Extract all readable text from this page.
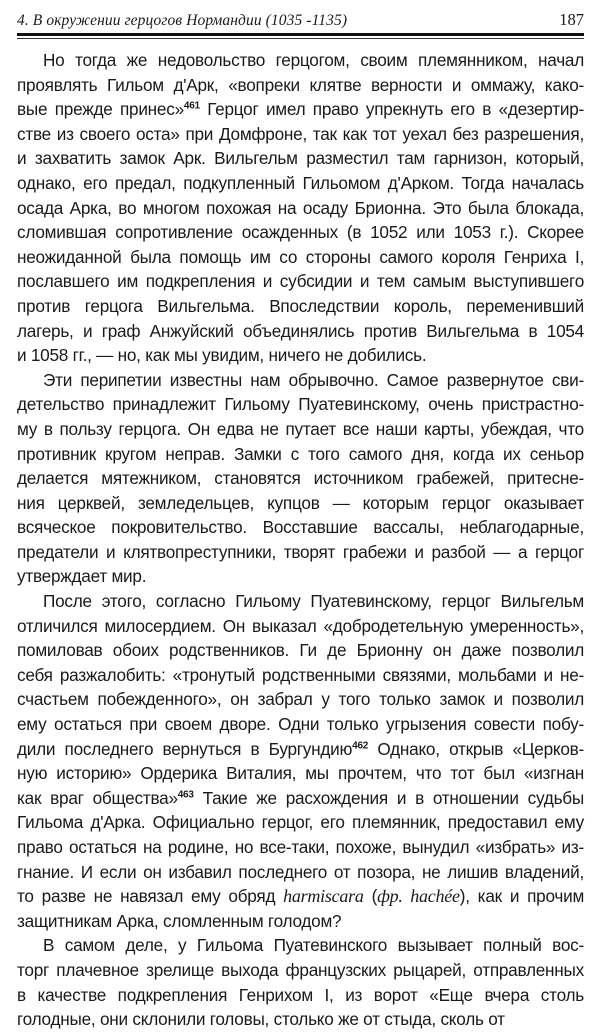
4. В окружении герцогов Нормандии (1035 -1135)	187
Но тогда же недовольство герцогом, своим племянником, начал
проявлять Гильом д'Арк, «вопреки клятве верности и оммажу, како-
вые прежде принес»$^{461}$ Герцог имел право упрекнуть его в «дезертир-
стве из своего оста» при Домфроне, так как тот уехал без разрешения,
и захватить замок Арк. Вильгельм разместил там гарнизон, который,
однако, его предал, подкупленный Гильомом д'Арком. Тогда началась
осада Арка, во многом похожая на осаду Брионна. Это была блокада,
сломившая сопротивление осажденных (в 1052 или 1053 г.). Скорее
неожиданной была помощь им со стороны самого короля Генриха I,
пославшего им подкрепления и субсидии и тем самым выступившего
против герцога Вильгельма. Впоследствии король, переменивший
лагерь, и граф Анжуйский объединялись против Вильгельма в 1054
и 1058 гг., — но, как мы увидим, ничего не добились.
Эти перипетии известны нам обрывочно. Самое развернутое сви-
детельство принадлежит Гильому Пуатевинскому, очень пристрастно-
му в пользу герцога. Он едва не путает все наши карты, убеждая, что
противник кругом неправ. Замки с того самого дня, когда их сеньор
делается мятежником, становятся источником грабежей, притесне-
ния церквей, земледельцев, купцов — которым герцог оказывает
всяческое покровительство. Восставшие вассалы, неблагодарные,
предатели и клятвопреступники, творят грабежи и разбой — а герцог
утверждает мир.
После этого, согласно Гильому Пуатевинскому, герцог Вильгельм
отличился милосердием. Он выказал «добродетельную умеренность»,
помиловав обоих родственников. Ги де Брионну он даже позволил
себя разжалобить: «тронутый родственными связями, мольбами и не-
счастьем побежденного», он забрал у того только замок и позволил
ему остаться при своем дворе. Одни только угрызения совести побу-
дили последнего вернуться в Бургундию$^{462}$ Однако, открыв «Церков-
ную историю» Ордерика Виталия, мы прочтем, что тот был «изгнан
как враг общества»$^{463}$ Такие же расхождения и в отношении судьбы
Гильома д'Арка. Официально герцог, его племянник, предоставил ему
право остаться на родине, но все-таки, похоже, вынудил «избрать» из-
гнание. И если он избавил последнего от позора, не лишив владений,
то разве не навязал ему обряд harmiscara (фр. hachée), как и прочим
защитникам Арка, сломленным голодом?
В самом деле, у Гильома Пуатевинского вызывает полный вос-
торг плачевное зрелище выхода французских рыцарей, отправленных
в качестве подкрепления Генрихом I, из ворот «Еще вчера столь
голодные, они склонили головы, столько же от стыда, сколь от
